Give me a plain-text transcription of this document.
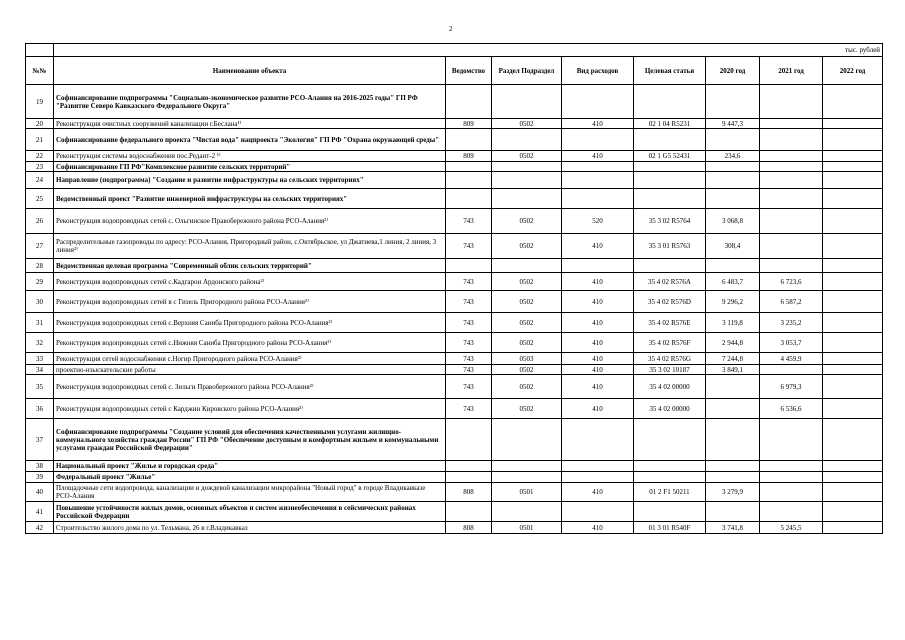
2
	тыс. рублей							
№№	Наименование объекта	Ведомство	Раздел Подраздел	Вид расходов	Целевая статья	2020 год	2021 год	2022 год
19	Софинансирование подпрограммы "Социально-экономическое развитие РСО-Алания на 2016-2025 годы" ГП РФ "Развитие Северо Кавказского Федерального Округа"							
20	Реконструкция очистных сооружений канализации г.Беслана¹⁾	809	0502	410	02 1 04 R5231	9 447,3		
21	Софинансирование федерального проекта "Чистая вода" нацпроекта "Экология" ГП РФ "Охрана окружающей среды"							
22	Реконструкция системы водоснабжения пос.Редант-2 ¹⁾	809	0502	410	02 1 G5 52431	234,6		
23	Софинансирование ГП РФ"Комплексное развитие сельских территорий"							
24	Направление (подпрограмма) "Создание и развитие инфраструктуры на сельских территориях"							
25	Ведомственный проект "Развитие инженерной инфраструктуры на сельских территориях"							
26	Реконструкция водопроводных сетей с. Ольгинское Правобережного района РСО-Алания²⁾	743	0502	520	35 3 02 R5764	3 068,8		
27	Распределительные газопроводы по адресу: РСО-Алания, Пригородный район, с.Октябрьское, ул Джатиева,1 линия, 2 линия, 3 линия²⁾	743	0502	410	35 3 01 R5763	308,4		
28	Ведомственная целевая программа "Современный облик сельских территорий"							
29	Реконструкция водопроводных сетей с.Кадгарон Ардонского района²⁾	743	0502	410	35 4 02 R576A	6 483,7	6 723,6	
30	Реконструкция водопроводных сетей в с Гизель Пригородного района РСО-Алания²⁾	743	0502	410	35 4 02 R576D	9 296,2	6 587,2	
31	Реконструкция водопроводных сетей с.Верхняя Саниба Пригородного района РСО-Алания²⁾	743	0502	410	35 4 02 R576E	3 119,8	3 235,2	
32	Реконструкция водопроводных сетей с.Нижняя Саниба Пригородного района РСО-Алания²⁾	743	0502	410	35 4 02 R576F	2 944,8	3 053,7	
33	Реконструкция сетей водоснабжения с.Ногир Пригородного района РСО-Алания²⁾	743	0503	410	35 4 02 R576G	7 244,8	4 459,9	
34	проектно-изыскательские работы	743	0502	410	35 3 02 10187	3 849,1		
35	Реконструкция водопроводных сетей с. Зильги Правобережного района РСО-Алания²⁾	743	0502	410	35 4 02 00000		6 979,3	
36	Реконструкция водопроводных сетей с Карджин Кировского района РСО-Алания²⁾	743	0502	410	35 4 02 00000		6 536,6	
37	Софинансирование подпрограммы "Создание условий для обеспечения качественными услугами жилищно-коммунального хозяйства граждан России" ГП РФ "Обеспечение доступным и комфортным жильем и коммунальными услугами граждан Российской Федерации"							
38	Национальный проект "Жилье и городская среда"							
39	Федеральный проект "Жилье"							
40	Площадочные сети водопровода, канализации и дождевой канализации микрорайона "Новый город" в городе Владикавказе РСО-Алания	808	0501	410	01 2 F1 50211	3 279,9		
41	Повышение устойчивости жилых домов, основных объектов и систем жизнеобеспечения в сейсмических районах Российской Федерации							
42	Строительство жилого дома по ул. Тельмана, 26 в г.Владикавказ	808	0501	410	01 3 01 R540F	3 741,8	5 245,5	
